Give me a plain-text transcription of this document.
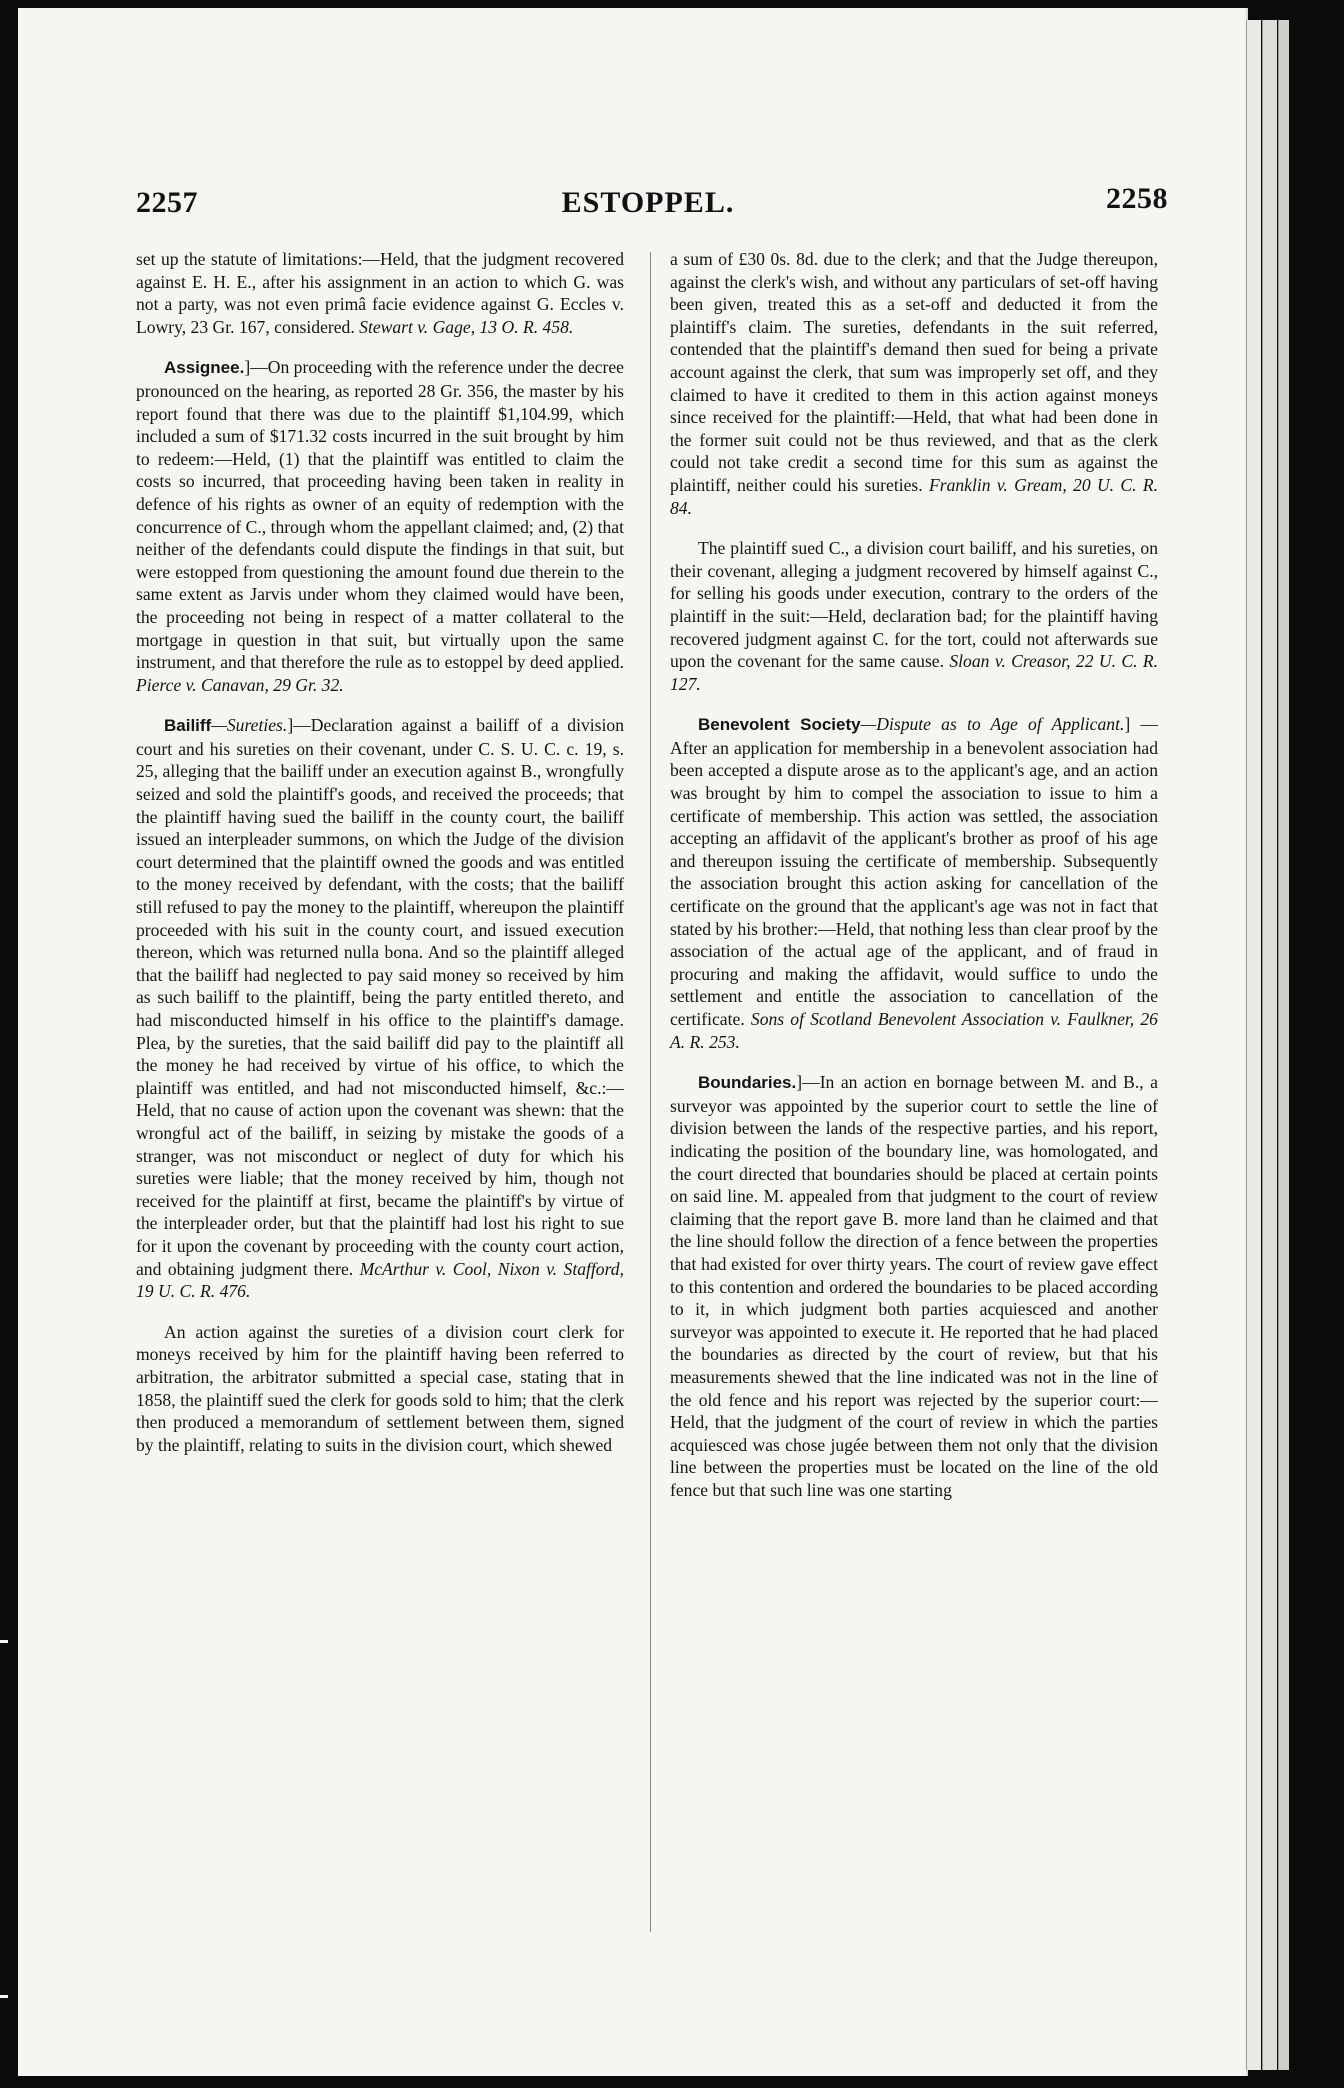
2257	ESTOPPEL.	2258

set up the statute of limitations:—Held, that the judgment recovered against E. H. E., after his assignment in an action to which G. was not a party, was not even primâ facie evidence against G. Eccles v. Lowry, 23 Gr. 167, considered. Stewart v. Gage, 13 O. R. 458.

Assignee.]—On proceeding with the reference under the decree pronounced on the hearing, as reported 28 Gr. 356, the master by his report found that there was due to the plaintiff $1,104.99, which included a sum of $171.32 costs incurred in the suit brought by him to redeem:—Held, (1) that the plaintiff was entitled to claim the costs so incurred, that proceeding having been taken in reality in defence of his rights as owner of an equity of redemption with the concurrence of C., through whom the appellant claimed; and, (2) that neither of the defendants could dispute the findings in that suit, but were estopped from questioning the amount found due therein to the same extent as Jarvis under whom they claimed would have been, the proceeding not being in respect of a matter collateral to the mortgage in question in that suit, but virtually upon the same instrument, and that therefore the rule as to estoppel by deed applied. Pierce v. Canavan, 29 Gr. 32.

Bailiff—Sureties.]—Declaration against a bailiff of a division court and his sureties on their covenant, under C. S. U. C. c. 19, s. 25, alleging that the bailiff under an execution against B., wrongfully seized and sold the plaintiff's goods, and received the proceeds; that the plaintiff having sued the bailiff in the county court, the bailiff issued an interpleader summons, on which the Judge of the division court determined that the plaintiff owned the goods and was entitled to the money received by defendant, with the costs; that the bailiff still refused to pay the money to the plaintiff, whereupon the plaintiff proceeded with his suit in the county court, and issued execution thereon, which was returned nulla bona. And so the plaintiff alleged that the bailiff had neglected to pay said money so received by him as such bailiff to the plaintiff, being the party entitled thereto, and had misconducted himself in his office to the plaintiff's damage. Plea, by the sureties, that the said bailiff did pay to the plaintiff all the money he had received by virtue of his office, to which the plaintiff was entitled, and had not misconducted himself, &c.:—Held, that no cause of action upon the covenant was shewn: that the wrongful act of the bailiff, in seizing by mistake the goods of a stranger, was not misconduct or neglect of duty for which his sureties were liable; that the money received by him, though not received for the plaintiff at first, became the plaintiff's by virtue of the interpleader order, but that the plaintiff had lost his right to sue for it upon the covenant by proceeding with the county court action, and obtaining judgment there. McArthur v. Cool, Nixon v. Stafford, 19 U. C. R. 476.

An action against the sureties of a division court clerk for moneys received by him for the plaintiff having been referred to arbitration, the arbitrator submitted a special case, stating that in 1858, the plaintiff sued the clerk for goods sold to him; that the clerk then produced a memorandum of settlement between them, signed by the plaintiff, relating to suits in the division court, which shewed

a sum of £30 0s. 8d. due to the clerk; and that the Judge thereupon, against the clerk's wish, and without any particulars of set-off having been given, treated this as a set-off and deducted it from the plaintiff's claim. The sureties, defendants in the suit referred, contended that the plaintiff's demand then sued for being a private account against the clerk, that sum was improperly set off, and they claimed to have it credited to them in this action against moneys since received for the plaintiff:—Held, that what had been done in the former suit could not be thus reviewed, and that as the clerk could not take credit a second time for this sum as against the plaintiff, neither could his sureties. Franklin v. Gream, 20 U. C. R. 84.

The plaintiff sued C., a division court bailiff, and his sureties, on their covenant, alleging a judgment recovered by himself against C., for selling his goods under execution, contrary to the orders of the plaintiff in the suit:—Held, declaration bad; for the plaintiff having recovered judgment against C. for the tort, could not afterwards sue upon the covenant for the same cause. Sloan v. Creasor, 22 U. C. R. 127.

Benevolent Society—Dispute as to Age of Applicant.] — After an application for membership in a benevolent association had been accepted a dispute arose as to the applicant's age, and an action was brought by him to compel the association to issue to him a certificate of membership. This action was settled, the association accepting an affidavit of the applicant's brother as proof of his age and thereupon issuing the certificate of membership. Subsequently the association brought this action asking for cancellation of the certificate on the ground that the applicant's age was not in fact that stated by his brother:—Held, that nothing less than clear proof by the association of the actual age of the applicant, and of fraud in procuring and making the affidavit, would suffice to undo the settlement and entitle the association to cancellation of the certificate. Sons of Scotland Benevolent Association v. Faulkner, 26 A. R. 253.

Boundaries.]—In an action en bornage between M. and B., a surveyor was appointed by the superior court to settle the line of division between the lands of the respective parties, and his report, indicating the position of the boundary line, was homologated, and the court directed that boundaries should be placed at certain points on said line. M. appealed from that judgment to the court of review claiming that the report gave B. more land than he claimed and that the line should follow the direction of a fence between the properties that had existed for over thirty years. The court of review gave effect to this contention and ordered the boundaries to be placed according to it, in which judgment both parties acquiesced and another surveyor was appointed to execute it. He reported that he had placed the boundaries as directed by the court of review, but that his measurements shewed that the line indicated was not in the line of the old fence and his report was rejected by the superior court:—Held, that the judgment of the court of review in which the parties acquiesced was chose jugée between them not only that the division line between the properties must be located on the line of the old fence but that such line was one starting
